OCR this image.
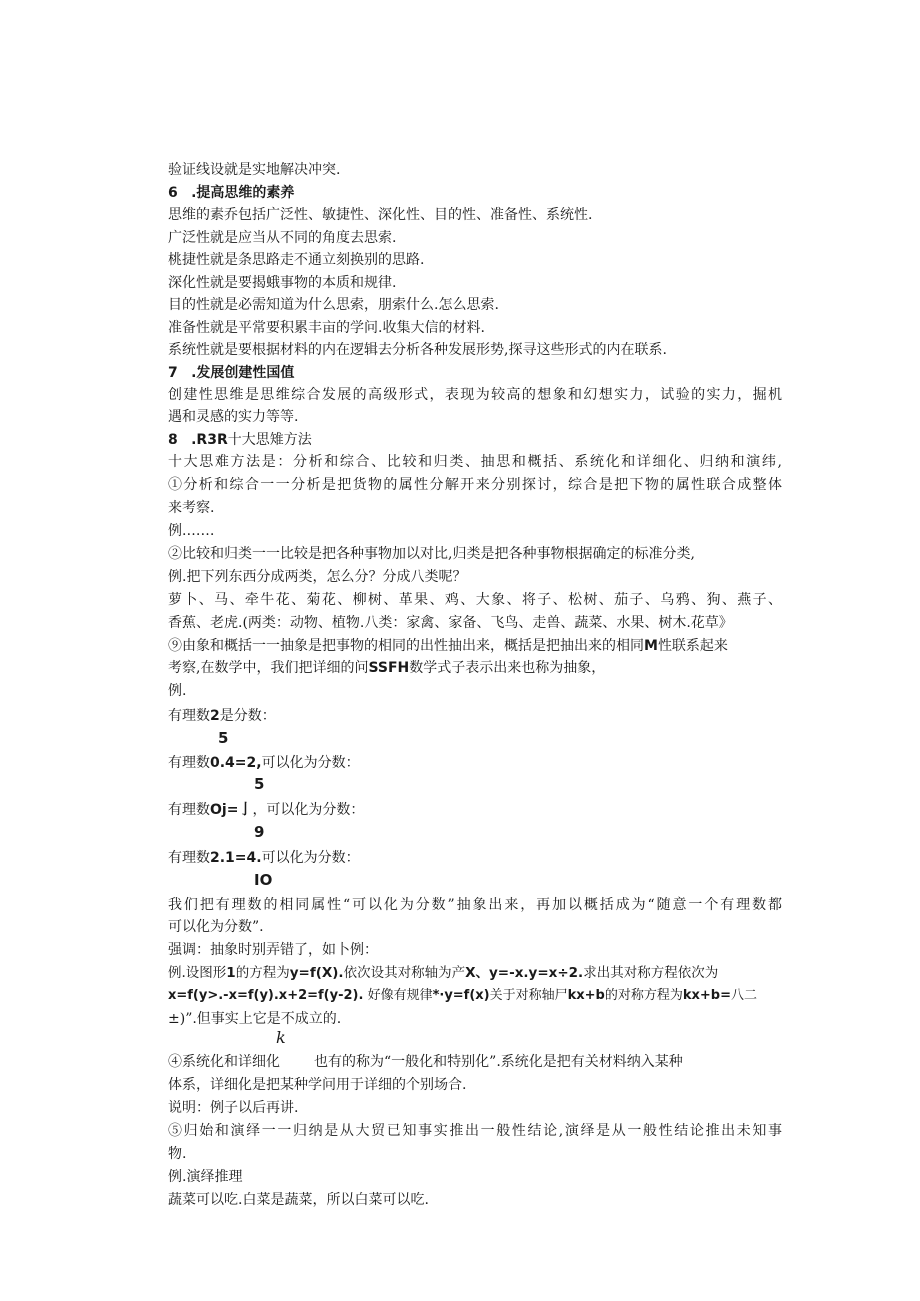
验证线设就是实地解决冲突.
6 .提高思维的素养
思维的素乔包括广泛性、敏捷性、深化性、目的性、准备性、系统性.
广泛性就是应当从不同的角度去思索.
桃捷性就是条思路走不通立刻换别的思路.
深化性就是要揭蛾事物的本质和规律.
目的性就是必需知道为什么思索，朋索什么.怎么思索.
准备性就是平常要积累丰亩的学问.收集大信的材料.
系统性就是要根据材料的内在逻辑去分析各种发展形势,探寻这些形式的内在联系.
7 .发展创建性国值
创建性思维是思维综合发展的高级形式，表现为较高的想象和幻想实力，试验的实力，掘机
遇和灵感的实力等等.
8 .R3R十大思雉方法
十大思难方法是：分析和综合、比较和归类、抽思和概括、系统化和详细化、归纳和演纬,
①分析和综合一一分析是把货物的属性分解开来分别探讨，综合是把下物的属性联合成整体
来考察.
例.……
②比较和归类一一比较是把各种事物加以对比,归类是把各种事物根据确定的标准分类,
例.把下列东西分成两类，怎么分？分成八类呢？
萝卜、马、牵牛花、菊花、柳树、革果、鸡、大象、将子、松树、茄子、乌鸦、狗、燕子、
香蕉、老虎.(两类：动物、植物.八类：家禽、家备、飞鸟、走兽、蔬菜、水果、树木.花草》
⑨由象和概括一一抽象是把事物的相同的出性抽出来，概括是把抽出来的相同M性联系起来
考察,在数学中，我们把详细的问SSFH数学式子表示出来也称为抽象，
例.
有理数2是分数：
5
有理数0.4=2,可以化为分数：
5
有理数Oj=亅，可以化为分数：
9
有理数2.1=4.可以化为分数：
IO
我们把有理数的相同属性“可以化为分数”抽象出来，再加以概括成为“随意一个有理数都
可以化为分数”.
强调：抽象时别弄错了，如卜例：
例.设图形1的方程为y=f(X).依次设其对称轴为产X、y=-x.y=x÷2.求出其对称方程依次为
x=f(y>.-x=f(y).x+2=f(y-2). 好像有规律*·y=f(x)关于对称轴尸kx+b的对称方程为kx+b=八二
±)”.但事实上它是不成立的.
k
④系统化和详细化 也有的称为“一般化和特别化”.系统化是把有关材料纳入某种
体系，详细化是把某种学问用于详细的个别场合.
说明：例子以后再讲.
⑤归始和演绎一一归纳是从大贸已知事实推出一般性结论,演绎是从一般性结论推出未知事
物.
例.演绎推理
蔬菜可以吃.白菜是蔬菜，所以白菜可以吃.
